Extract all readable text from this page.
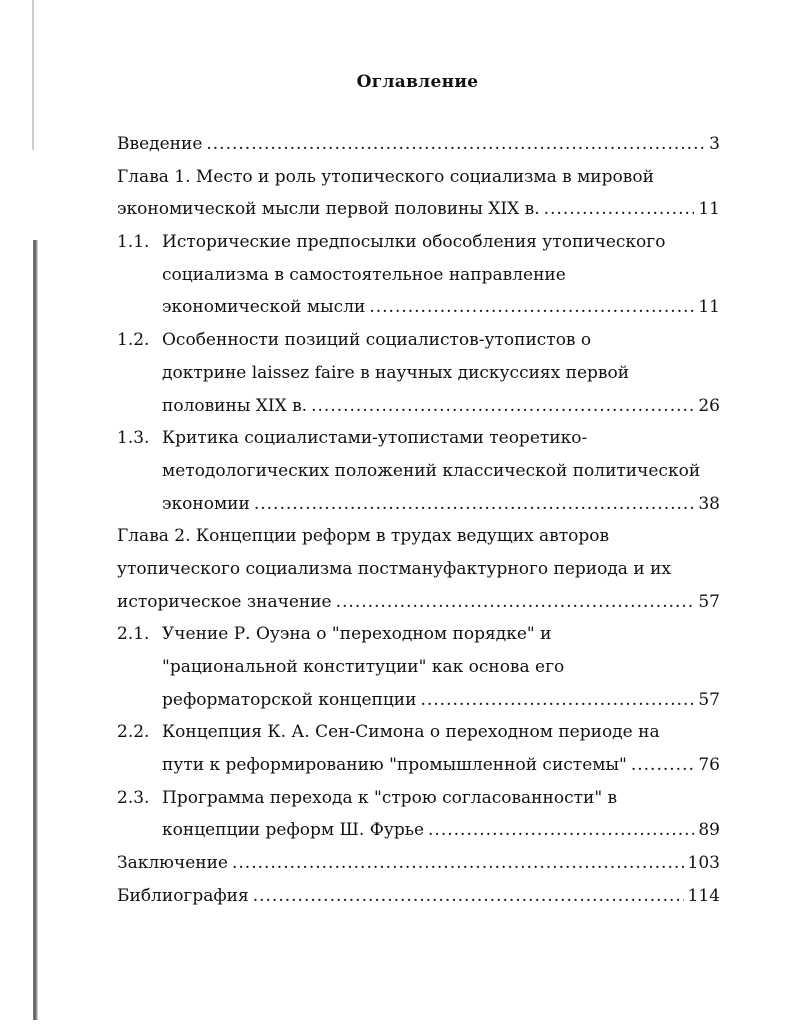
Оглавление
Введение .....	3
Глава 1. Место и роль утопического социализма в мировой
экономической мысли первой половины XIX в. .....	11
1.1. Исторические предпосылки обособления утопического
социализма в самостоятельное направление
экономической мысли .....	11
1.2. Особенности позиций социалистов-утопистов о
доктрине laissez faire в научных дискуссиях первой
половины XIX в. .....	26
1.3. Критика социалистами-утопистами теоретико-
методологических положений классической политической
экономии .....	38
Глава 2. Концепции реформ в трудах ведущих авторов
утопического социализма постмануфактурного периода и их
историческое значение .....	57
2.1. Учение Р. Оуэна о "переходном порядке" и
"рациональной конституции" как основа его
реформаторской концепции .....	57
2.2. Концепция К. А. Сен-Симона о переходном периоде на
пути к реформированию "промышленной системы" .....	76
2.3. Программа перехода к "строю согласованности" в
концепции реформ Ш. Фурье .....	89
Заключение .....	103
Библиография .....	114
